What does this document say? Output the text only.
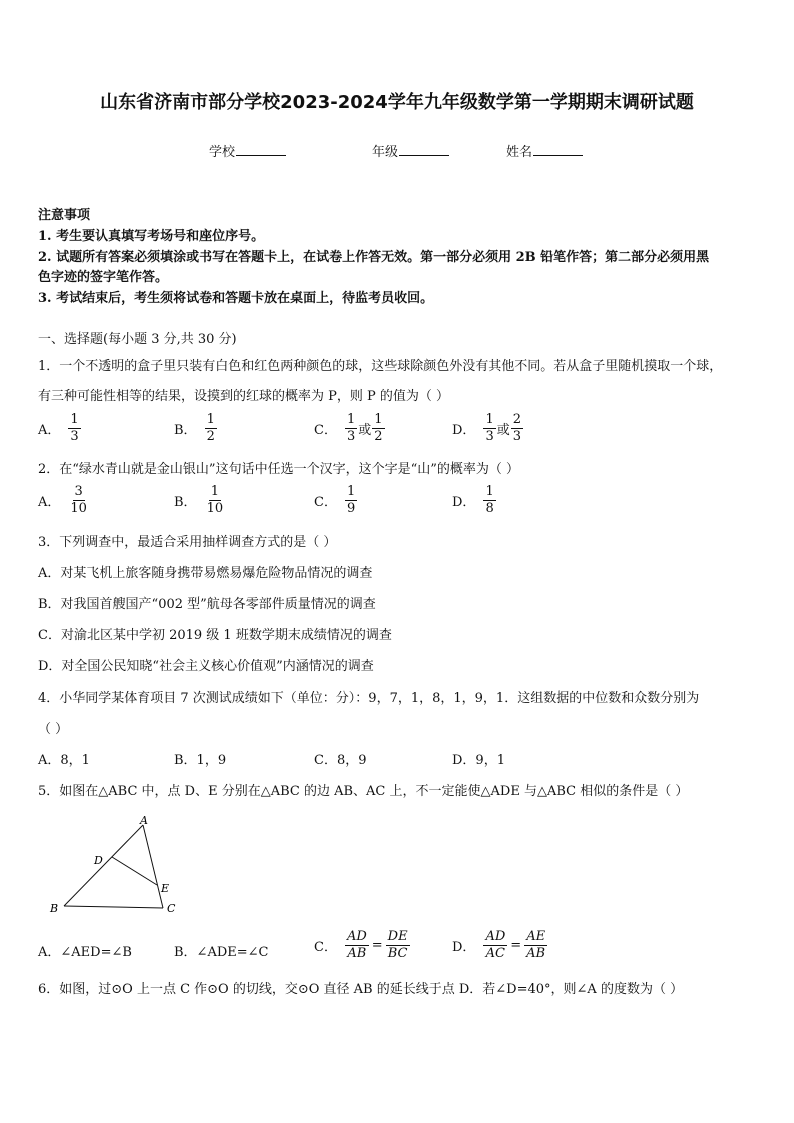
山东省济南市部分学校2023-2024学年九年级数学第一学期期末调研试题
学校	年级	姓名
注意事项
1. 考生要认真填写考场号和座位序号。
2. 试题所有答案必须填涂或书写在答题卡上，在试卷上作答无效。第一部分必须用 2B 铅笔作答；第二部分必须用黑
色字迹的签字笔作答。
3. 考试结束后，考生须将试卷和答题卡放在桌面上，待监考员收回。
一、选择题(每小题 3 分,共 30 分)
1．一个不透明的盒子里只装有白色和红色两种颜色的球，这些球除颜色外没有其他不同。若从盒子里随机摸取一个球，
有三种可能性相等的结果，设摸到的红球的概率为 P，则 P 的值为（ ）
A． $\frac{1}{3}$	B． $\frac{1}{2}$	C． $\frac{1}{3}$ 或 $\frac{1}{2}$	D． $\frac{1}{3}$ 或 $\frac{2}{3}$
2．在“绿水青山就是金山银山”这句话中任选一个汉字，这个字是“山”的概率为（ ）
A． $\frac{3}{10}$	B． $\frac{1}{10}$	C． $\frac{1}{9}$	D． $\frac{1}{8}$
3．下列调查中，最适合采用抽样调查方式的是（ ）
A．对某飞机上旅客随身携带易燃易爆危险物品情况的调查
B．对我国首艘国产“002 型”航母各零部件质量情况的调查
C．对渝北区某中学初 2019 级 1 班数学期末成绩情况的调查
D．对全国公民知晓“社会主义核心价值观”内涵情况的调查
4．小华同学某体育项目 7 次测试成绩如下（单位：分）：9，7，1，8，1，9，1．这组数据的中位数和众数分别为
（ ）
A．8，1	B．1，9	C．8，9	D．9，1
5．如图在△ABC 中，点 D、E 分别在△ABC 的边 AB、AC 上，不一定能使△ADE 与△ABC 相似的条件是（ ）
A
B	C
D
E
A．∠AED=∠B	B．∠ADE=∠C	C． $\frac{AD}{AB} = \frac{DE}{BC}$	D． $\frac{AD}{AC} = \frac{AE}{AB}$
6．如图，过⊙O 上一点 C 作⊙O 的切线，交⊙O 直径 AB 的延长线于点 D．若∠D=40°，则∠A 的度数为（ ）
